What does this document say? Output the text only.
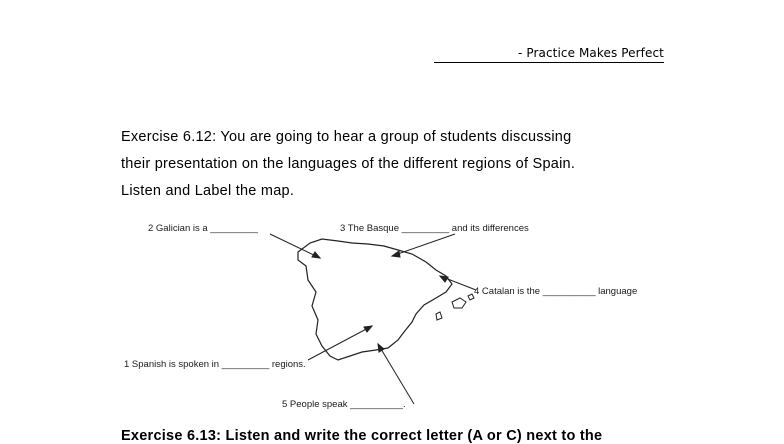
- Practice Makes Perfect
Exercise 6.12: You are going to hear a group of students discussing
their presentation on the languages of the different regions of Spain.
Listen and Label the map.
2 Galician is a _________	3 The Basque _________ and its differences
4 Catalan is the __________ language
1 Spanish is spoken in _________ regions.
5 People speak __________.
Exercise 6.13: Listen and write the correct letter (A or C) next to the
